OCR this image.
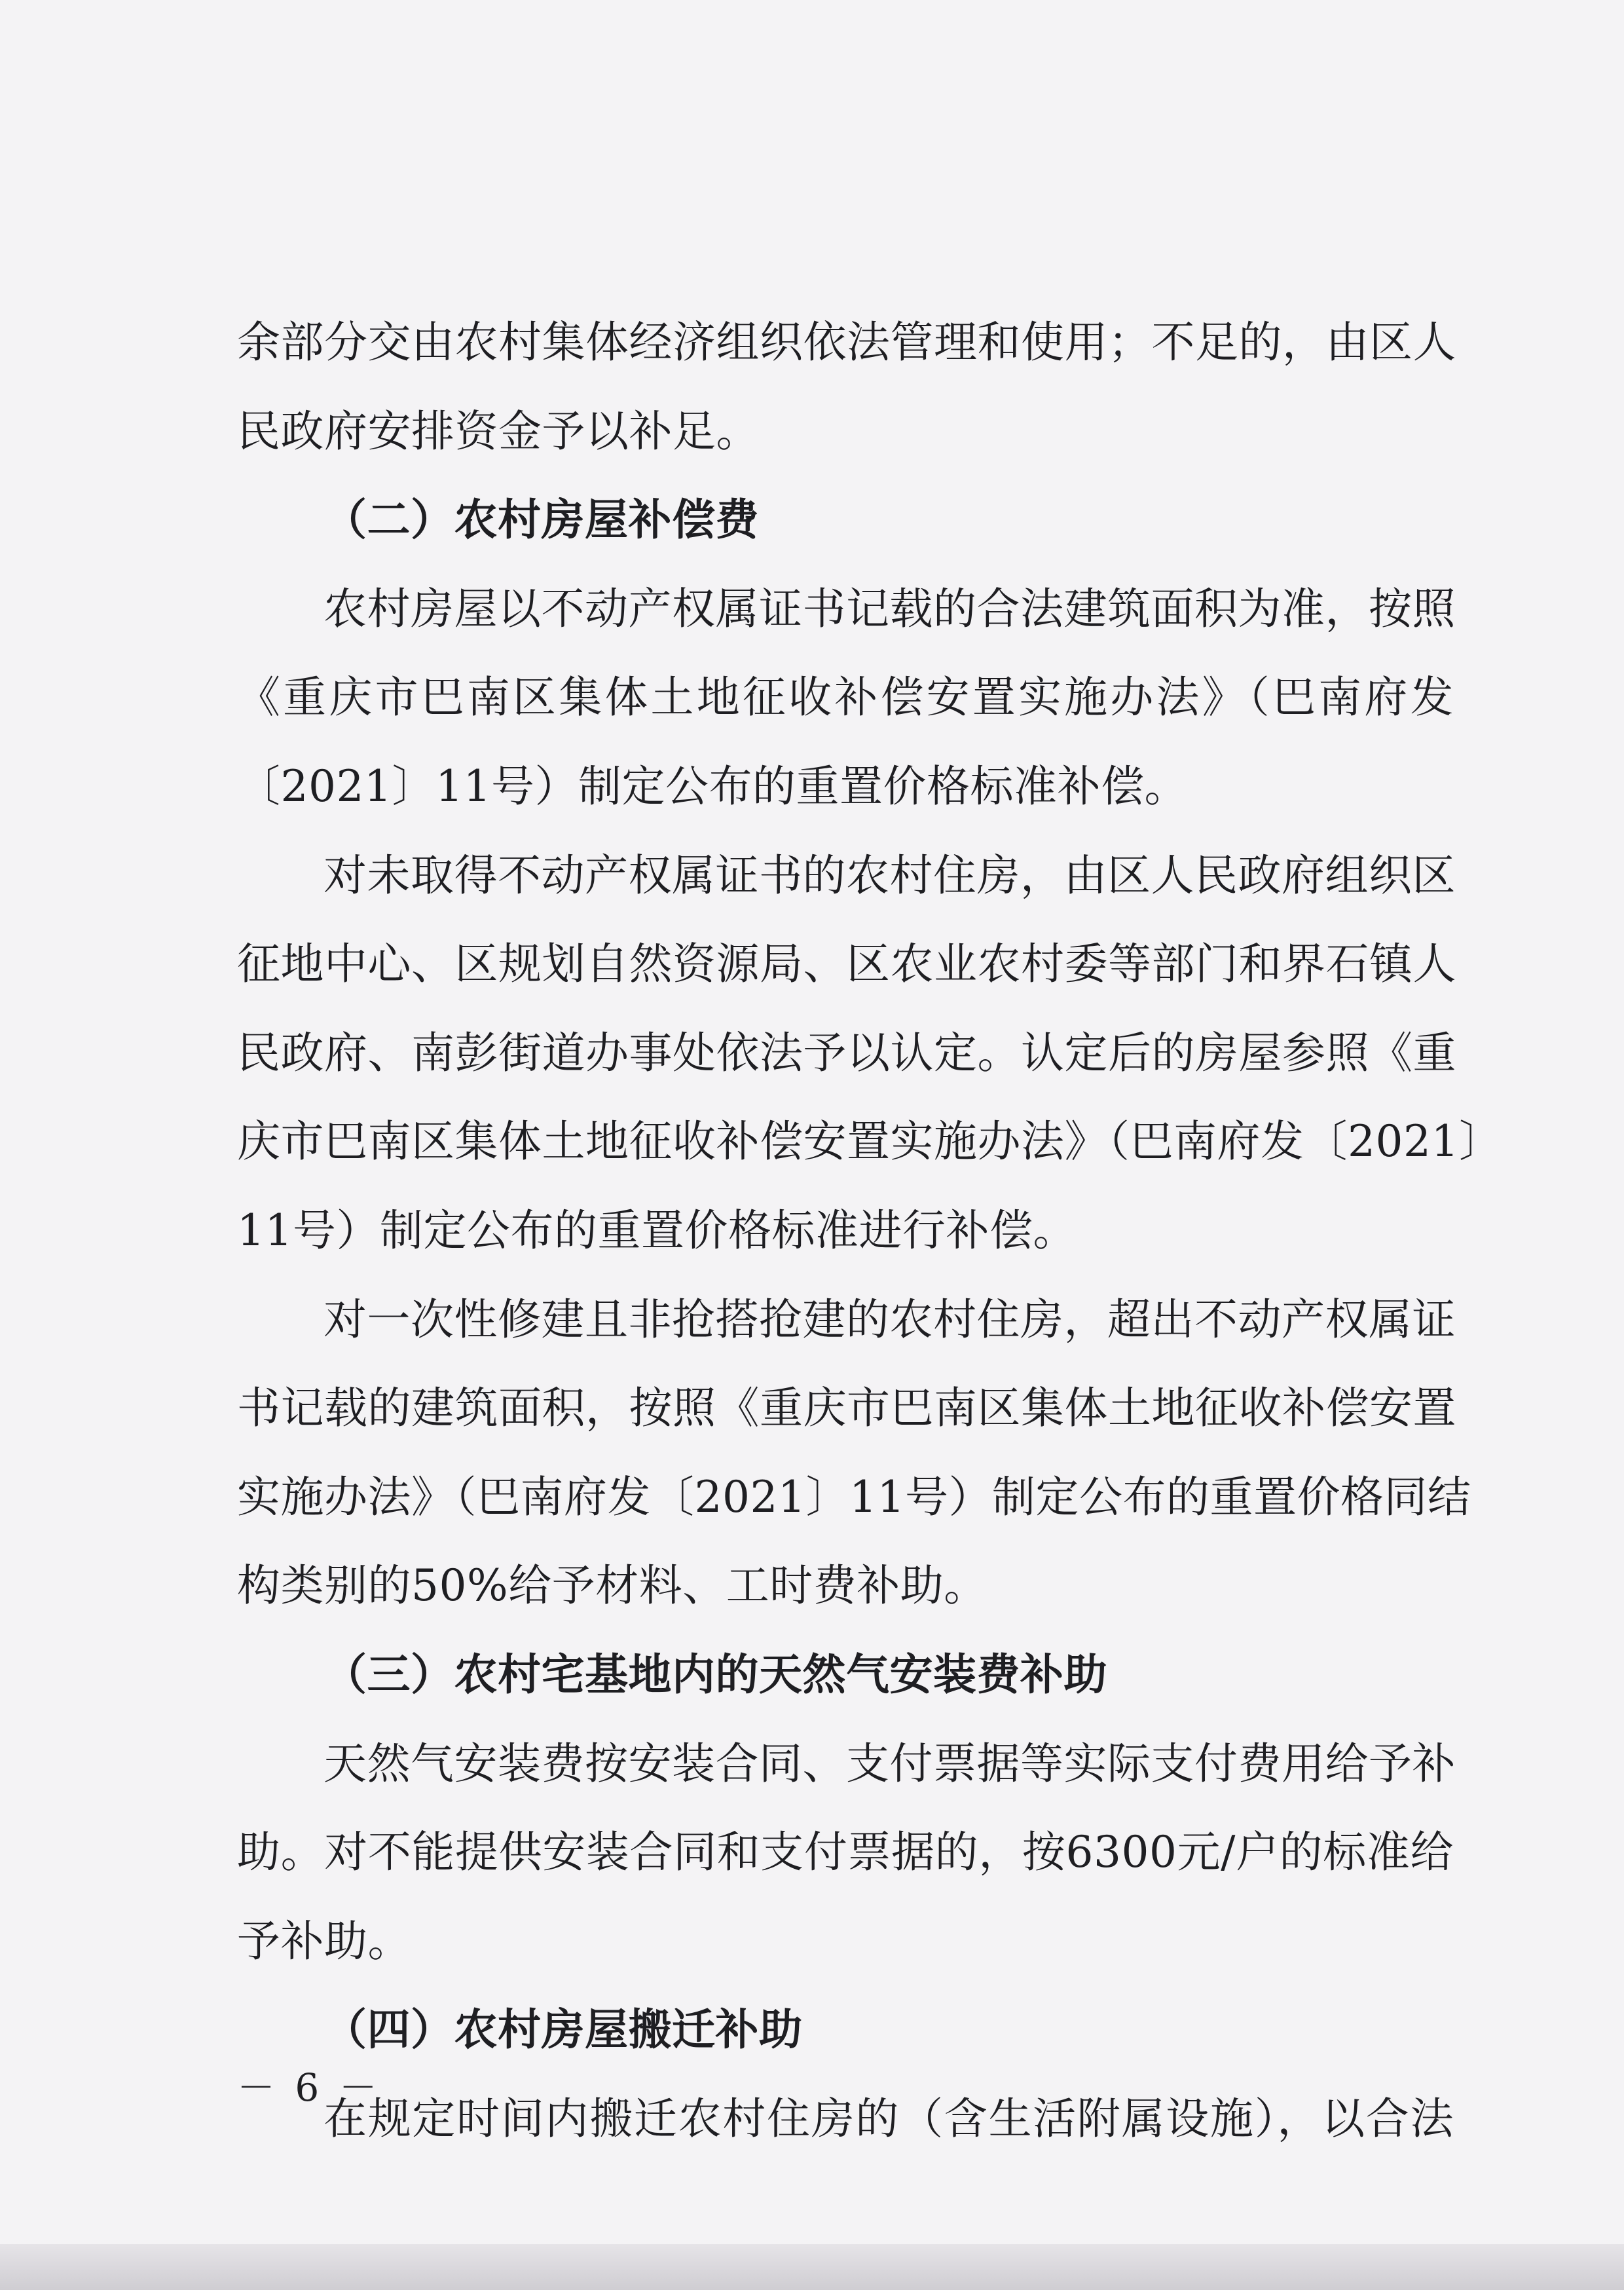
余部分交由农村集体经济组织依法管理和使用；不足的，由区人
民政府安排资金予以补足。
（二）农村房屋补偿费
农村房屋以不动产权属证书记载的合法建筑面积为准，按照
《重庆市巴南区集体土地征收补偿安置实施办法》（巴南府发
〔2021〕11号）制定公布的重置价格标准补偿。
对未取得不动产权属证书的农村住房，由区人民政府组织区
征地中心、区规划自然资源局、区农业农村委等部门和界石镇人
民政府、南彭街道办事处依法予以认定。认定后的房屋参照《重
庆市巴南区集体土地征收补偿安置实施办法》（巴南府发〔2021〕
11号）制定公布的重置价格标准进行补偿。
对一次性修建且非抢搭抢建的农村住房，超出不动产权属证
书记载的建筑面积，按照《重庆市巴南区集体土地征收补偿安置
实施办法》（巴南府发〔2021〕11号）制定公布的重置价格同结
构类别的50%给予材料、工时费补助。
（三）农村宅基地内的天然气安装费补助
天然气安装费按安装合同、支付票据等实际支付费用给予补
助。对不能提供安装合同和支付票据的，按6300元/户的标准给
予补助。
（四）农村房屋搬迁补助
在规定时间内搬迁农村住房的（含生活附属设施），以合法
－ 6 －
